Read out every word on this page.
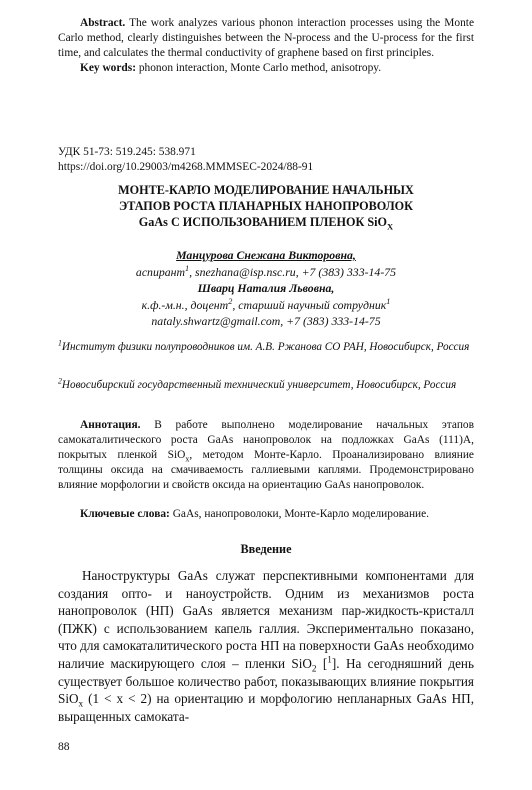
Abstract. The work analyzes various phonon interaction processes using the Monte Carlo method, clearly distinguishes between the N-process and the U-process for the first time, and calculates the thermal conductivity of graphene based on first principles.

Key words: phonon interaction, Monte Carlo method, anisotropy.

УДК 51-73: 519.245: 538.971

https://doi.org/10.29003/m4268.MMMSEC-2024/88-91

МОНТЕ-КАРЛО МОДЕЛИРОВАНИЕ НАЧАЛЬНЫХ

ЭТАПОВ РОСТА ПЛАНАРНЫХ НАНОПРОВОЛОК

GaAs С ИСПОЛЬЗОВАНИЕМ ПЛЕНОК SiO$_X$

Манцурова Снежана Викторовна,

аспирант$^1$, snezhana@isp.nsc.ru, +7 (383) 333-14-75

Шварц Наталия Львовна,

к.ф.-м.н., доцент$^2$, старший научный сотрудник$^1$

nataly.shwartz@gmail.com, +7 (383) 333-14-75

$^1$Институт физики полупроводников им. А.В. Ржанова СО РАН, Новосибирск, Россия

$^2$Новосибирский государственный технический университет, Новосибирск, Россия

Аннотация. В работе выполнено моделирование начальных этапов самокаталитического роста GaAs нанопроволок на подложках GaAs (111)A, покрытых пленкой SiO$_x$, методом Монте-Карло. Проанализировано влияние толщины оксида на смачиваемость галлиевыми каплями. Продемонстрировано влияние морфологии и свойств оксида на ориентацию GaAs нанопроволок.

Ключевые слова: GaAs, нанопроволоки, Монте-Карло моделирование.

Введение

Наноструктуры GaAs служат перспективными компонентами для создания опто- и наноустройств. Одним из механизмов роста нанопроволок (НП) GaAs является механизм пар-жидкость-кристалл (ПЖК) с использованием капель галлия. Экспериментально показано, что для самокаталитического роста НП на поверхности GaAs необходимо наличие маскирующего слоя – пленки SiO$_2$ [$^1$]. На сегодняшний день существует большое количество работ, показывающих влияние покрытия SiO$_x$ (1 < x < 2) на ориентацию и морфологию непланарных GaAs НП, выращенных самоката-

88
